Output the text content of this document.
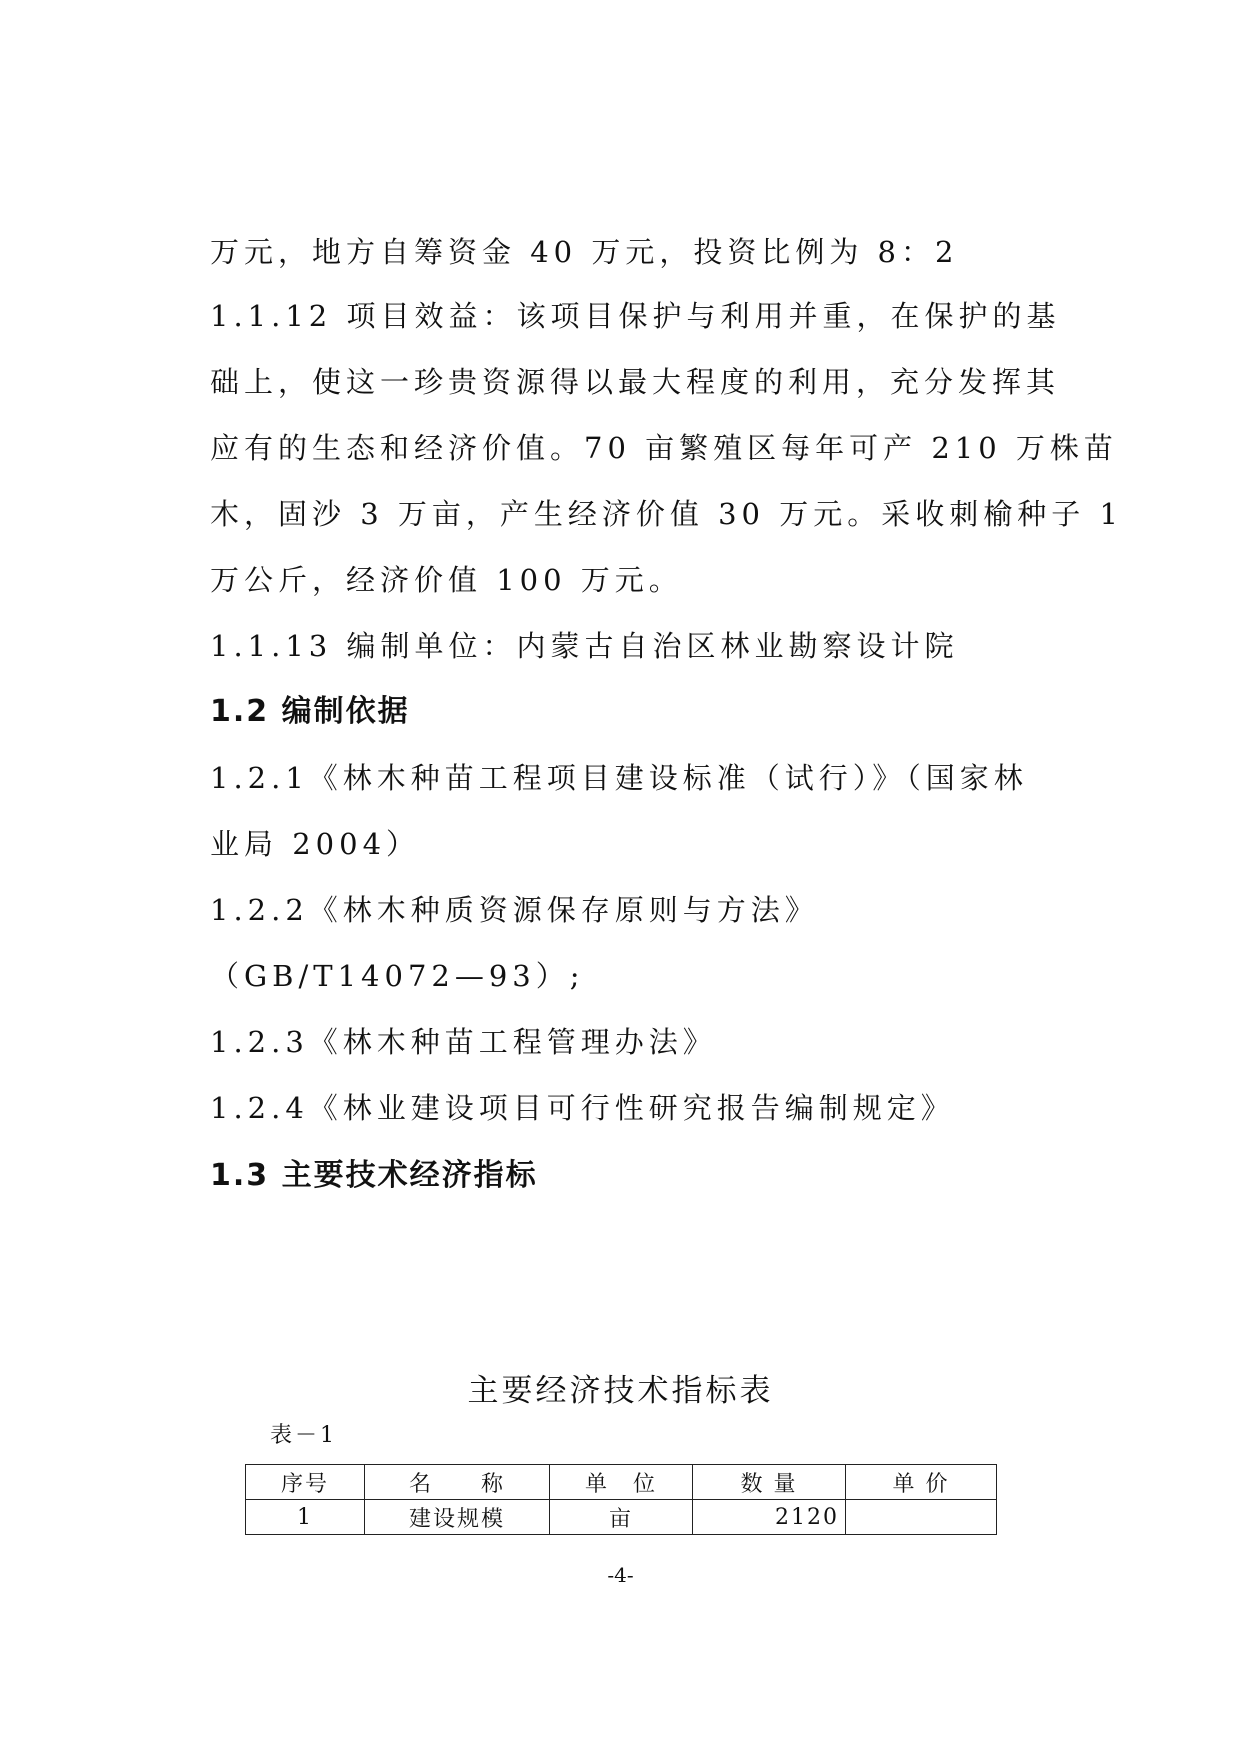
万元，地方自筹资金 40 万元，投资比例为 8：2
1.1.12 项目效益：该项目保护与利用并重，在保护的基
础上，使这一珍贵资源得以最大程度的利用，充分发挥其
应有的生态和经济价值。70 亩繁殖区每年可产 210 万株苗
木，固沙 3 万亩，产生经济价值 30 万元。采收刺榆种子 1
万公斤，经济价值 100 万元。
1.1.13 编制单位：内蒙古自治区林业勘察设计院
1.2 编制依据
1.2.1《林木种苗工程项目建设标准（试行）》（国家林
业局 2004）
1.2.2《林木种质资源保存原则与方法》
（GB/T14072—93）;
1.2.3《林木种苗工程管理办法》
1.2.4《林业建设项目可行性研究报告编制规定》
1.3 主要技术经济指标
主要经济技术指标表
表－1
序号	名　　称	单　位	数 量	单 价
1	建设规模	亩	2120	
-4-
